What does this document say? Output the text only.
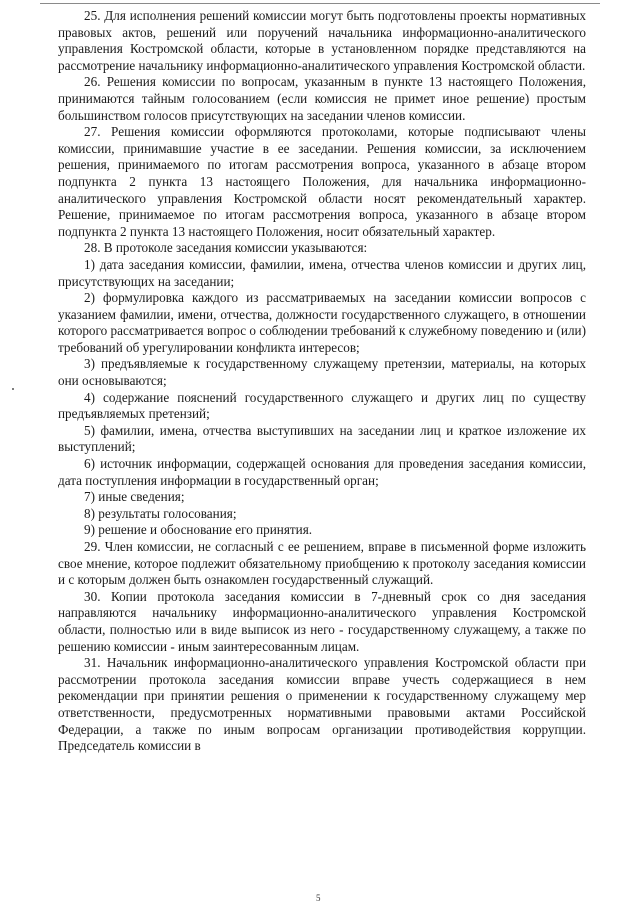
25. Для исполнения решений комиссии могут быть подготовлены проекты нормативных правовых актов, решений или поручений начальника информационно-аналитического управления Костромской области, которые в установленном порядке представляются на рассмотрение начальнику информационно-аналитического управления Костромской области.

26. Решения комиссии по вопросам, указанным в пункте 13 настоящего Положения, принимаются тайным голосованием (если комиссия не примет иное решение) простым большинством голосов присутствующих на заседании членов комиссии.

27. Решения комиссии оформляются протоколами, которые подписывают члены комиссии, принимавшие участие в ее заседании. Решения комиссии, за исключением решения, принимаемого по итогам рассмотрения вопроса, указанного в абзаце втором подпункта 2 пункта 13 настоящего Положения, для начальника информационно-аналитического управления Костромской области носят рекомендательный характер. Решение, принимаемое по итогам рассмотрения вопроса, указанного в абзаце втором подпункта 2 пункта 13 настоящего Положения, носит обязательный характер.

28. В протоколе заседания комиссии указываются:

1) дата заседания комиссии, фамилии, имена, отчества членов комиссии и других лиц, присутствующих на заседании;

2) формулировка каждого из рассматриваемых на заседании комиссии вопросов с указанием фамилии, имени, отчества, должности государственного служащего, в отношении которого рассматривается вопрос о соблюдении требований к служебному поведению и (или) требований об урегулировании конфликта интересов;

3) предъявляемые к государственному служащему претензии, материалы, на которых они основываются;

4) содержание пояснений государственного служащего и других лиц по существу предъявляемых претензий;

5) фамилии, имена, отчества выступивших на заседании лиц и краткое изложение их выступлений;

6) источник информации, содержащей основания для проведения заседания комиссии, дата поступления информации в государственный орган;

7) иные сведения;

8) результаты голосования;

9) решение и обоснование его принятия.

29. Член комиссии, не согласный с ее решением, вправе в письменной форме изложить свое мнение, которое подлежит обязательному приобщению к протоколу заседания комиссии и с которым должен быть ознакомлен государственный служащий.

30. Копии протокола заседания комиссии в 7-дневный срок со дня заседания направляются начальнику информационно-аналитического управления Костромской области, полностью или в виде выписок из него - государственному служащему, а также по решению комиссии - иным заинтересованным лицам.

31. Начальник информационно-аналитического управления Костромской области при рассмотрении протокола заседания комиссии вправе учесть содержащиеся в нем рекомендации при принятии решения о применении к государственному служащему мер ответственности, предусмотренных нормативными правовыми актами Российской Федерации, а также по иным вопросам организации противодействия коррупции. Председатель комиссии в

5
